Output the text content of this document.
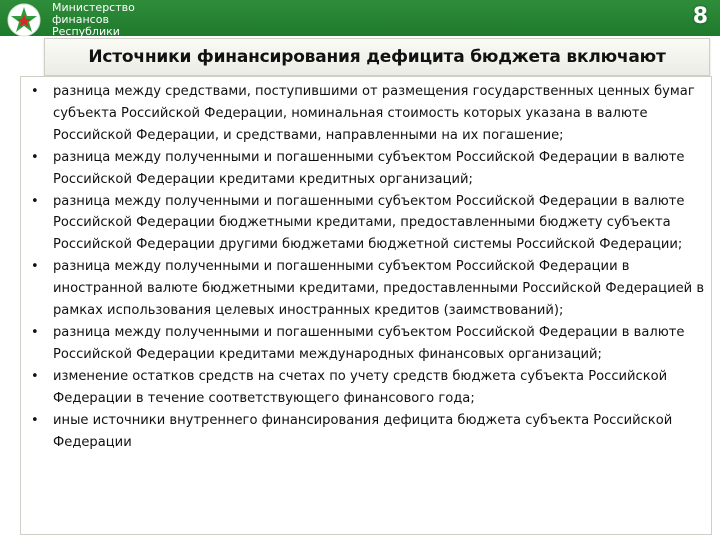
Министерство
финансов
Республики
8
Источники финансирования дефицита бюджета включают
• разница между средствами, поступившими от размещения государственных ценных бумаг субъекта Российской Федерации, номинальная стоимость которых указана в валюте Российской Федерации, и средствами, направленными на их погашение;
• разница между полученными и погашенными субъектом Российской Федерации в валюте Российской Федерации кредитами кредитных организаций;
• разница между полученными и погашенными субъектом Российской Федерации в валюте Российской Федерации бюджетными кредитами, предоставленными бюджету субъекта Российской Федерации другими бюджетами бюджетной системы Российской Федерации;
• разница между полученными и погашенными субъектом Российской Федерации в иностранной валюте бюджетными кредитами, предоставленными Российской Федерацией в рамках использования целевых иностранных кредитов (заимствований);
• разница между полученными и погашенными субъектом Российской Федерации в валюте Российской Федерации кредитами международных финансовых организаций;
• изменение остатков средств на счетах по учету средств бюджета субъекта Российской Федерации в течение соответствующего финансового года;
• иные источники внутреннего финансирования дефицита бюджета субъекта Российской Федерации
